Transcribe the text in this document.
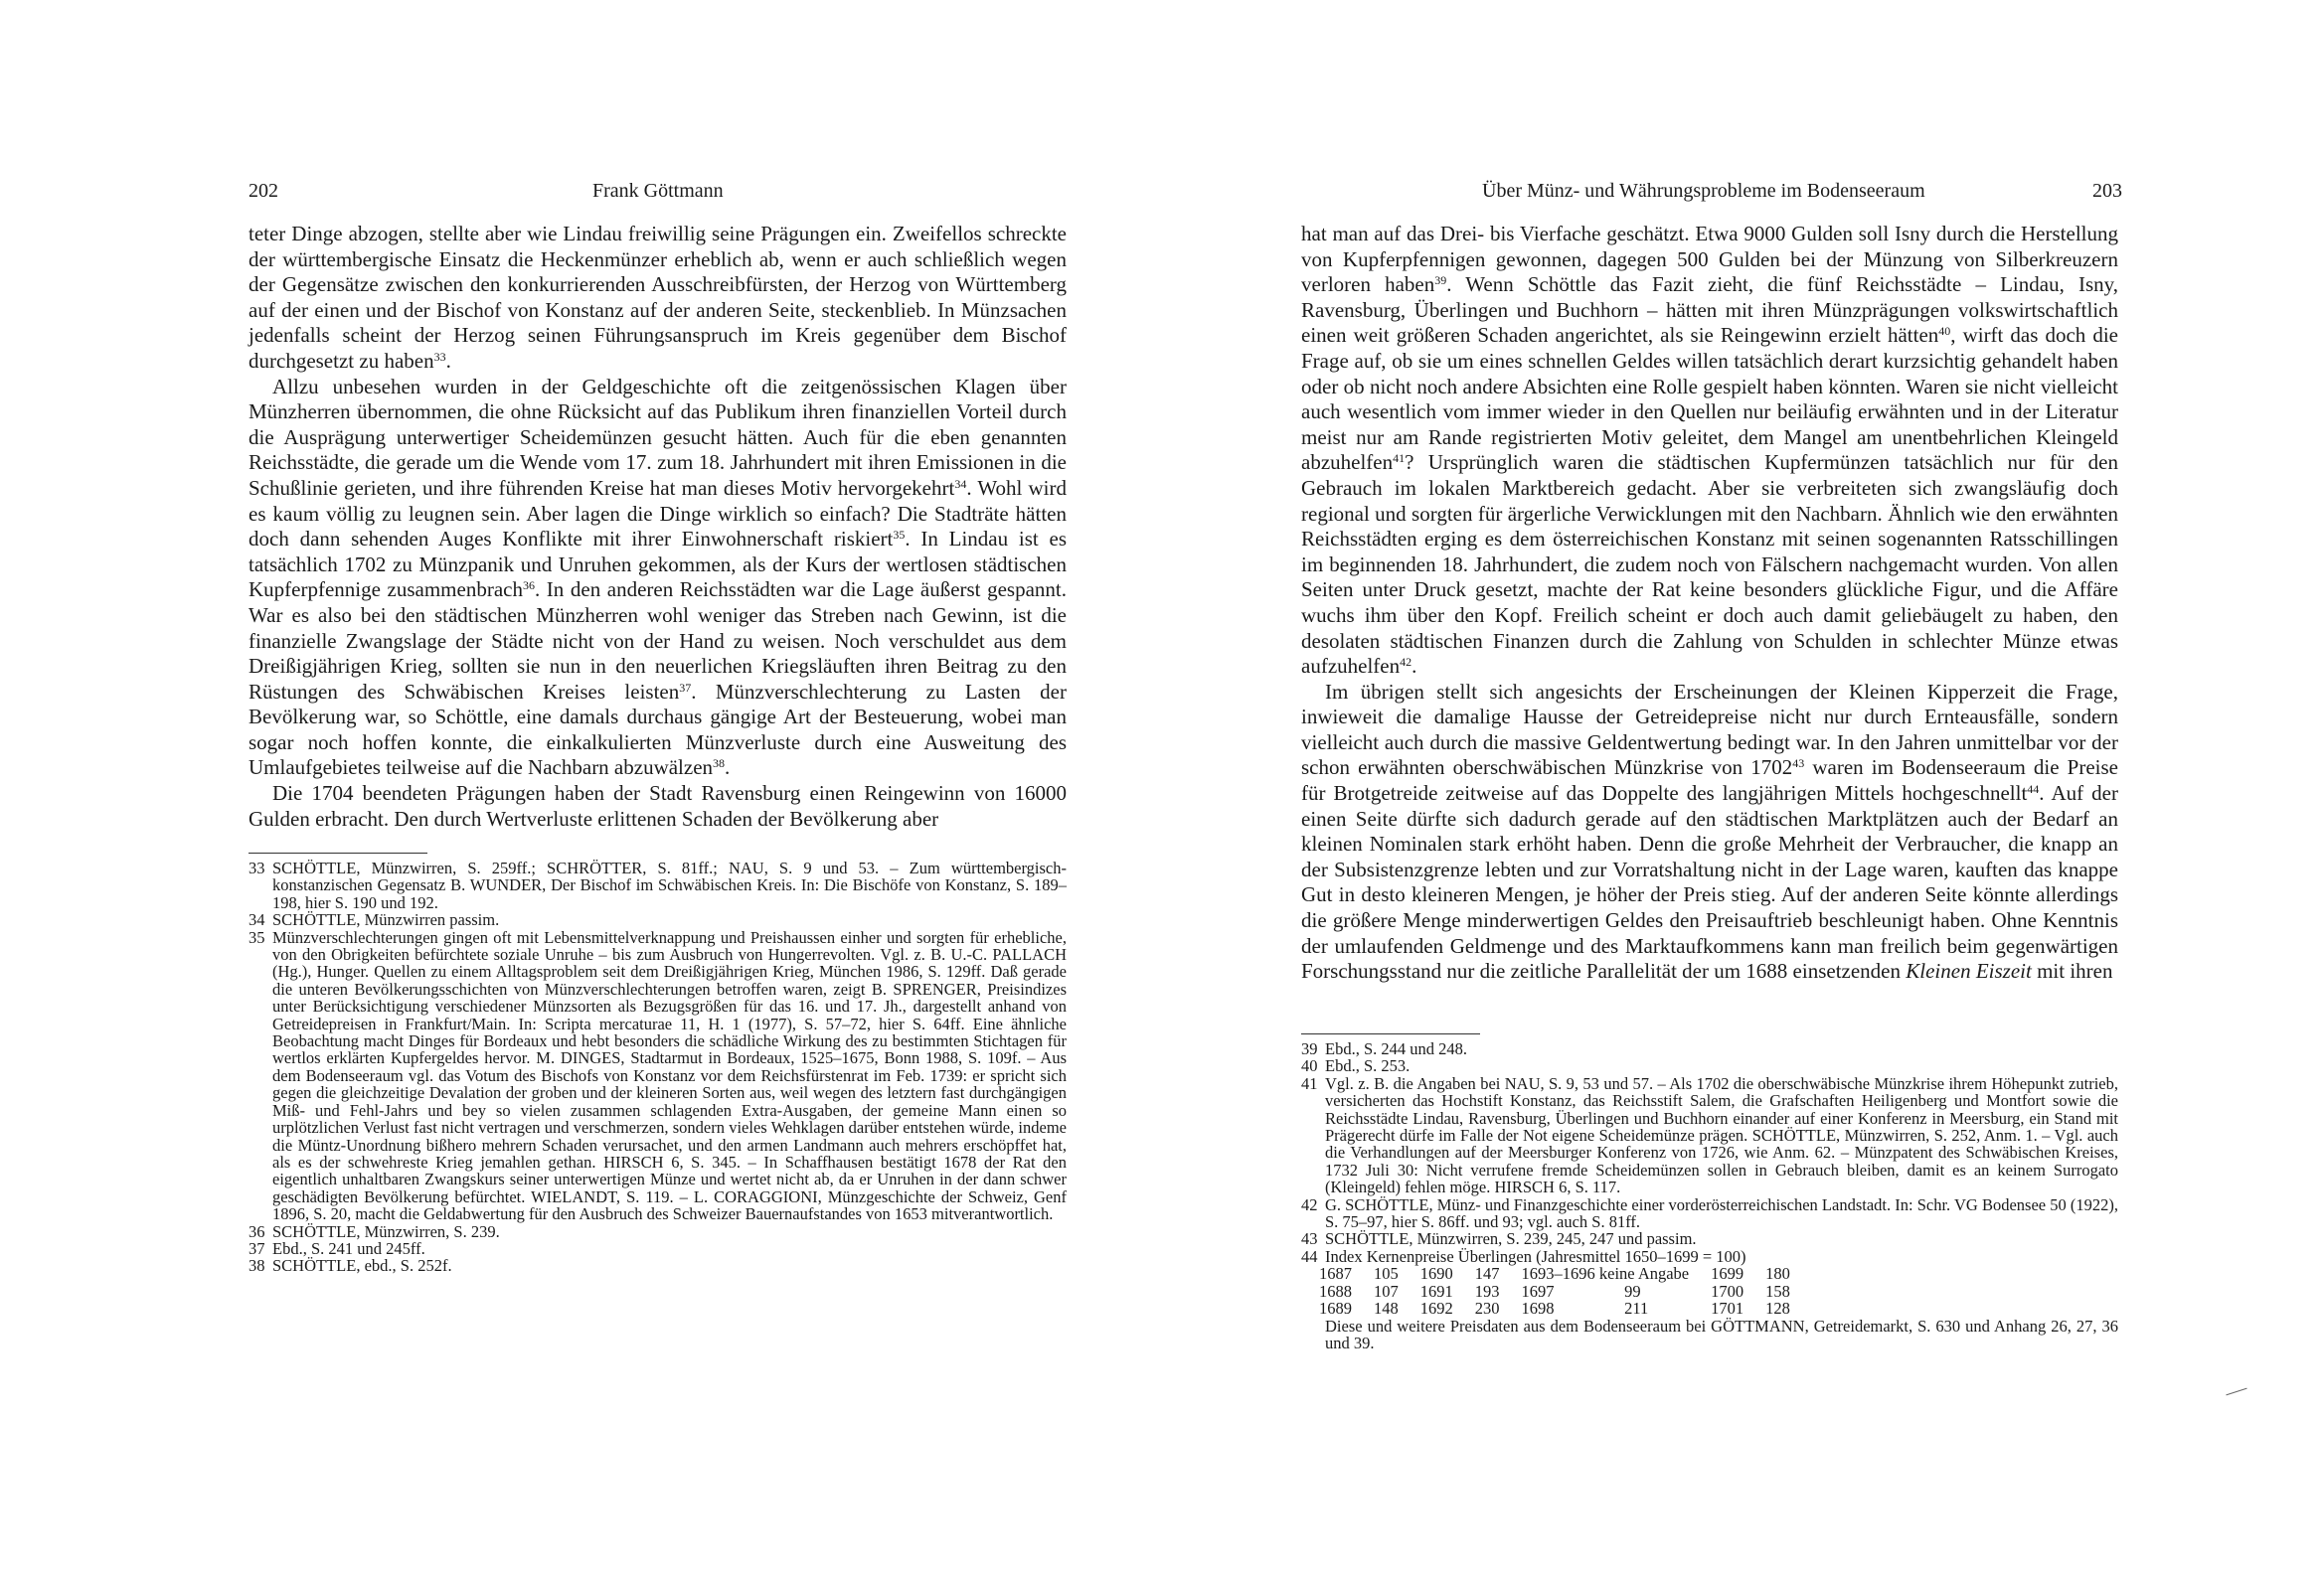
202	Frank Göttmann

teter Dinge abzogen, stellte aber wie Lindau freiwillig seine Prägungen ein. Zweifellos schreckte der württembergische Einsatz die Heckenmünzer erheblich ab, wenn er auch schließlich wegen der Gegensätze zwischen den konkurrierenden Ausschreibfürsten, der Herzog von Württemberg auf der einen und der Bischof von Konstanz auf der anderen Seite, steckenblieb. In Münzsachen jedenfalls scheint der Herzog seinen Führungsanspruch im Kreis gegenüber dem Bischof durchgesetzt zu haben$^{33}$.

Allzu unbesehen wurden in der Geldgeschichte oft die zeitgenössischen Klagen über Münzherren übernommen, die ohne Rücksicht auf das Publikum ihren finanziellen Vorteil durch die Ausprägung unterwertiger Scheidemünzen gesucht hätten. Auch für die eben genannten Reichsstädte, die gerade um die Wende vom 17. zum 18. Jahrhundert mit ihren Emissionen in die Schußlinie gerieten, und ihre führenden Kreise hat man dieses Motiv hervorgekehrt$^{34}$. Wohl wird es kaum völlig zu leugnen sein. Aber lagen die Dinge wirklich so einfach? Die Stadträte hätten doch dann sehenden Auges Konflikte mit ihrer Einwohnerschaft riskiert$^{35}$. In Lindau ist es tatsächlich 1702 zu Münzpanik und Unruhen gekommen, als der Kurs der wertlosen städtischen Kupferpfennige zusammenbrach$^{36}$. In den anderen Reichsstädten war die Lage äußerst gespannt. War es also bei den städtischen Münzherren wohl weniger das Streben nach Gewinn, ist die finanzielle Zwangslage der Städte nicht von der Hand zu weisen. Noch verschuldet aus dem Dreißigjährigen Krieg, sollten sie nun in den neuerlichen Kriegsläuften ihren Beitrag zu den Rüstungen des Schwäbischen Kreises leisten$^{37}$. Münzverschlechterung zu Lasten der Bevölkerung war, so Schöttle, eine damals durchaus gängige Art der Besteuerung, wobei man sogar noch hoffen konnte, die einkalkulierten Münzverluste durch eine Ausweitung des Umlaufgebietes teilweise auf die Nachbarn abzuwälzen$^{38}$.

Die 1704 beendeten Prägungen haben der Stadt Ravensburg einen Reingewinn von 16000 Gulden erbracht. Den durch Wertverluste erlittenen Schaden der Bevölkerung aber

33 SCHÖTTLE, Münzwirren, S. 259ff.; SCHRÖTTER, S. 81ff.; NAU, S. 9 und 53. – Zum württembergisch-konstanzischen Gegensatz B. WUNDER, Der Bischof im Schwäbischen Kreis. In: Die Bischöfe von Konstanz, S. 189–198, hier S. 190 und 192.
34 SCHÖTTLE, Münzwirren passim.
35 Münzverschlechterungen gingen oft mit Lebensmittelverknappung und Preishaussen einher und sorgten für erhebliche, von den Obrigkeiten befürchtete soziale Unruhe – bis zum Ausbruch von Hungerrevolten. Vgl. z. B. U.-C. PALLACH (Hg.), Hunger. Quellen zu einem Alltagsproblem seit dem Dreißigjährigen Krieg, München 1986, S. 129ff. Daß gerade die unteren Bevölkerungsschichten von Münzverschlechterungen betroffen waren, zeigt B. SPRENGER, Preisindizes unter Berücksichtigung verschiedener Münzsorten als Bezugsgrößen für das 16. und 17. Jh., dargestellt anhand von Getreidepreisen in Frankfurt/Main. In: Scripta mercaturae 11, H. 1 (1977), S. 57–72, hier S. 64ff. Eine ähnliche Beobachtung macht Dinges für Bordeaux und hebt besonders die schädliche Wirkung des zu bestimmten Stichtagen für wertlos erklärten Kupfergeldes hervor. M. DINGES, Stadtarmut in Bordeaux, 1525–1675, Bonn 1988, S. 109f. – Aus dem Bodenseeraum vgl. das Votum des Bischofs von Konstanz vor dem Reichsfürstenrat im Feb. 1739: er spricht sich gegen die gleichzeitige Devalation der groben und der kleineren Sorten aus, weil wegen des letztern fast durchgängigen Miß- und Fehl-Jahrs und bey so vielen zusammen schlagenden Extra-Ausgaben, der gemeine Mann einen so urplötzlichen Verlust fast nicht vertragen und verschmerzen, sondern vieles Wehklagen darüber entstehen würde, indeme die Müntz-Unordnung bißhero mehrern Schaden verursachet, und den armen Landmann auch mehrers erschöpffet hat, als es der schwehreste Krieg jemahlen gethan. HIRSCH 6, S. 345. – In Schaffhausen bestätigt 1678 der Rat den eigentlich unhaltbaren Zwangskurs seiner unterwertigen Münze und wertet nicht ab, da er Unruhen in der dann schwer geschädigten Bevölkerung befürchtet. WIELANDT, S. 119. – L. CORAGGIONI, Münzgeschichte der Schweiz, Genf 1896, S. 20, macht die Geldabwertung für den Ausbruch des Schweizer Bauernaufstandes von 1653 mitverantwortlich.
36 SCHÖTTLE, Münzwirren, S. 239.
37 Ebd., S. 241 und 245ff.
38 SCHÖTTLE, ebd., S. 252f.
Über Münz- und Währungsprobleme im Bodenseeraum	203

hat man auf das Drei- bis Vierfache geschätzt. Etwa 9000 Gulden soll Isny durch die Herstellung von Kupferpfennigen gewonnen, dagegen 500 Gulden bei der Münzung von Silberkreuzern verloren haben$^{39}$. Wenn Schöttle das Fazit zieht, die fünf Reichsstädte – Lindau, Isny, Ravensburg, Überlingen und Buchhorn – hätten mit ihren Münzprägungen volkswirtschaftlich einen weit größeren Schaden angerichtet, als sie Reingewinn erzielt hätten$^{40}$, wirft das doch die Frage auf, ob sie um eines schnellen Geldes willen tatsächlich derart kurzsichtig gehandelt haben oder ob nicht noch andere Absichten eine Rolle gespielt haben könnten. Waren sie nicht vielleicht auch wesentlich vom immer wieder in den Quellen nur beiläufig erwähnten und in der Literatur meist nur am Rande registrierten Motiv geleitet, dem Mangel am unentbehrlichen Kleingeld abzuhelfen$^{41}$? Ursprünglich waren die städtischen Kupfermünzen tatsächlich nur für den Gebrauch im lokalen Marktbereich gedacht. Aber sie verbreiteten sich zwangsläufig doch regional und sorgten für ärgerliche Verwicklungen mit den Nachbarn. Ähnlich wie den erwähnten Reichsstädten erging es dem österreichischen Konstanz mit seinen sogenannten Ratsschillingen im beginnenden 18. Jahrhundert, die zudem noch von Fälschern nachgemacht wurden. Von allen Seiten unter Druck gesetzt, machte der Rat keine besonders glückliche Figur, und die Affäre wuchs ihm über den Kopf. Freilich scheint er doch auch damit geliebäugelt zu haben, den desolaten städtischen Finanzen durch die Zahlung von Schulden in schlechter Münze etwas aufzuhelfen$^{42}$.

Im übrigen stellt sich angesichts der Erscheinungen der Kleinen Kipperzeit die Frage, inwieweit die damalige Hausse der Getreidepreise nicht nur durch Ernteausfälle, sondern vielleicht auch durch die massive Geldentwertung bedingt war. In den Jahren unmittelbar vor der schon erwähnten oberschwäbischen Münzkrise von 1702$^{43}$ waren im Bodenseeraum die Preise für Brotgetreide zeitweise auf das Doppelte des langjährigen Mittels hochgeschnellt$^{44}$. Auf der einen Seite dürfte sich dadurch gerade auf den städtischen Marktplätzen auch der Bedarf an kleinen Nominalen stark erhöht haben. Denn die große Mehrheit der Verbraucher, die knapp an der Subsistenzgrenze lebten und zur Vorratshaltung nicht in der Lage waren, kauften das knappe Gut in desto kleineren Mengen, je höher der Preis stieg. Auf der anderen Seite könnte allerdings die größere Menge minderwertigen Geldes den Preisauftrieb beschleunigt haben. Ohne Kenntnis der umlaufenden Geldmenge und des Marktaufkommens kann man freilich beim gegenwärtigen Forschungsstand nur die zeitliche Parallelität der um 1688 einsetzenden Kleinen Eiszeit mit ihren

39 Ebd., S. 244 und 248.
40 Ebd., S. 253.
41 Vgl. z. B. die Angaben bei NAU, S. 9, 53 und 57. – Als 1702 die oberschwäbische Münzkrise ihrem Höhepunkt zutrieb, versicherten das Hochstift Konstanz, das Reichsstift Salem, die Grafschaften Heiligenberg und Montfort sowie die Reichsstädte Lindau, Ravensburg, Überlingen und Buchhorn einander auf einer Konferenz in Meersburg, ein Stand mit Prägerecht dürfe im Falle der Not eigene Scheidemünze prägen. SCHÖTTLE, Münzwirren, S. 252, Anm. 1. – Vgl. auch die Verhandlungen auf der Meersburger Konferenz von 1726, wie Anm. 62. – Münzpatent des Schwäbischen Kreises, 1732 Juli 30: Nicht verrufene fremde Scheidemünzen sollen in Gebrauch bleiben, damit es an keinem Surrogato (Kleingeld) fehlen möge. HIRSCH 6, S. 117.
42 G. SCHÖTTLE, Münz- und Finanzgeschichte einer vorderösterreichischen Landstadt. In: Schr. VG Bodensee 50 (1922), S. 75–97, hier S. 86ff. und 93; vgl. auch S. 81ff.
43 SCHÖTTLE, Münzwirren, S. 239, 245, 247 und passim.
44 Index Kernenpreise Überlingen (Jahresmittel 1650–1699 = 100)
1687	105	1690	147	1693–1696 keine Angabe		1699	180
1688	107	1691	193	1697	99	1700	158
1689	148	1692	230	1698	211	1701	128
Diese und weitere Preisdaten aus dem Bodenseeraum bei GÖTTMANN, Getreidemarkt, S. 630 und Anhang 26, 27, 36 und 39.
